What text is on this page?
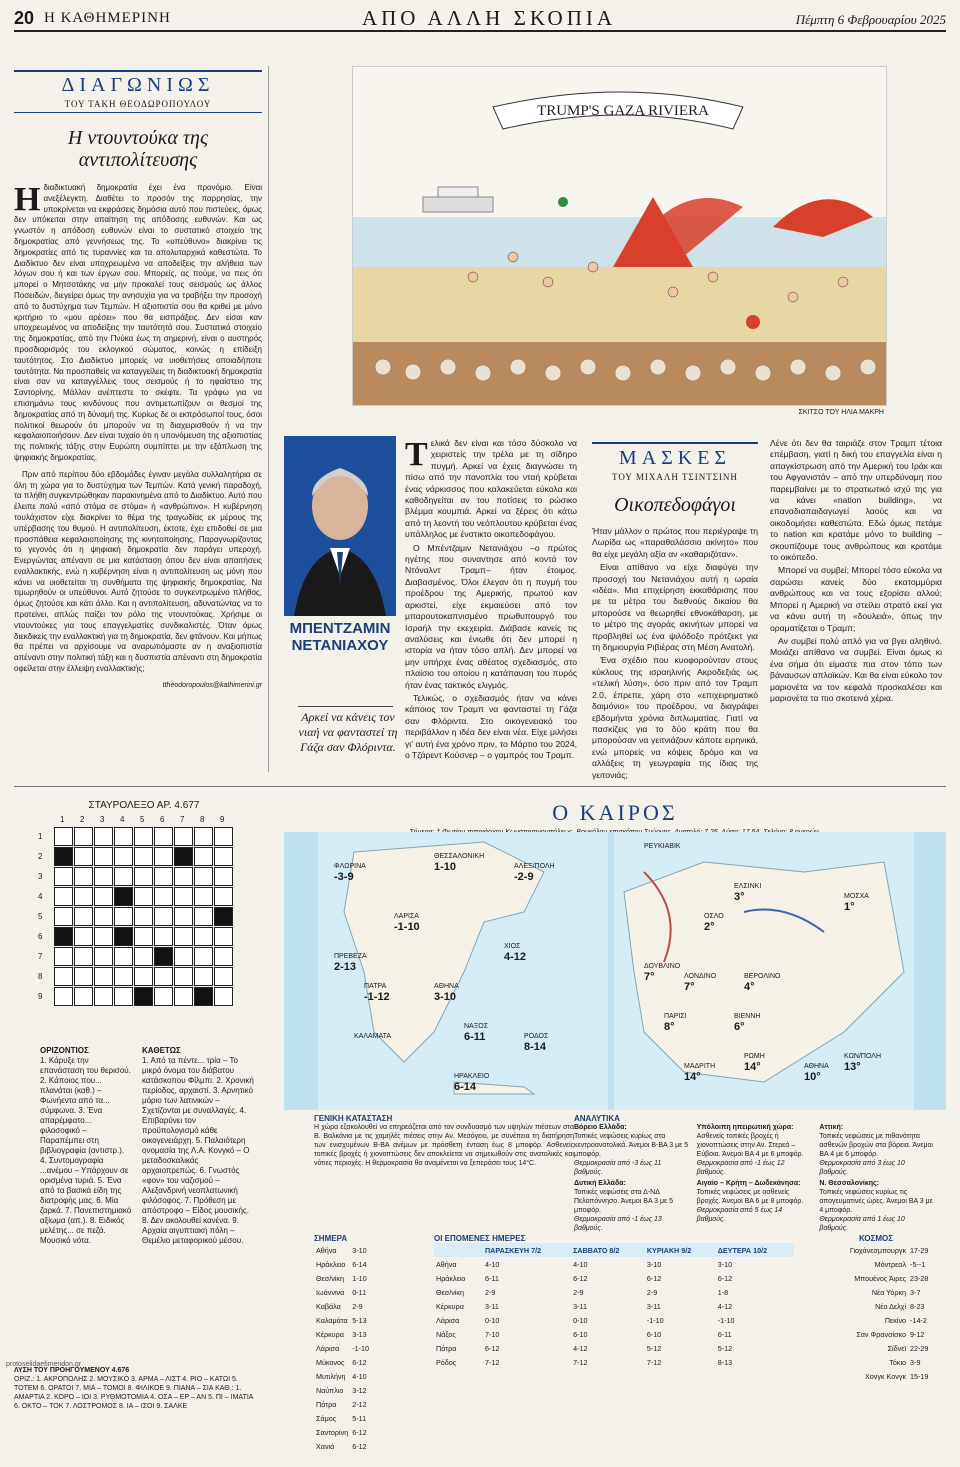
20 Η ΚΑΘΗΜΕΡΙΝΗ	ΑΠΟ ΑΛΛΗ ΣΚΟΠΙΑ	Πέμπτη 6 Φεβρουαρίου 2025
ΔΙΑΓΩΝΙΩΣ
ΤΟΥ ΤΑΚΗ ΘΕΟΔΩΡΟΠΟΥΛΟΥ
Η ντουντούκα της αντιπολίτευσης

Ηδιαδικτυακή δημοκρατία έχει ένα προνόμιο. Είναι ανεξέλεγκτη. Διαθέτει το προσόν της παρρησίας, την υποκρίνεται να εκφράσεις δημόσια αυτό που πιστεύεις, όμως δεν υπόκειται στην απαίτηση της απόδοσης ευθυνών. Και ως γνωστόν η απόδοση ευθυνών είναι το συστατικό στοιχείο της δημοκρατίας από γεννήσεως της. Το «υπεύθυνο» διακρίνει τις δημοκρατίες από τις τυραννίες και τα απολυταρχικά καθεστώτα. Το Διαδίκτυο δεν είναι υποχρεωμένο να αποδείξεις την αλήθεια των λόγων σου ή και των έργων σου. Μπορείς, ας πούμε, να πεις ότι μπορεί ο Μητσοτάκης να μην προκαλεί τους σεισμούς ως άλλος Ποσειδών, διεγείρει όμως την ανησυχία για να τραβήξει την προσοχή από το δυστύχημα των Τεμπών. Η αξιοπιστία σου θα κριθεί με μόνο κριτήριο το «μου αρέσει» που θα εισπράξεις. Δεν είσαι καν υποχρεωμένος να αποδείξεις την ταυτότητά σου. Συστατικό στοιχείο της δημοκρατίας, από την Πνύκα έως τη σημερινή, είναι ο αυστηρός προσδιορισμός του εκλογικού σώματος, κοινώς η επίδειξη ταυτότητος. Στο Διαδίκτυο μπορείς να υιοθετήσεις οποιαδήποτε ταυτότητα. Να προσπαθείς να καταγγείλεις τη διαδικτυακή δημοκρατία είναι σαν να καταγγέλλεις τους σεισμούς ή το ηφαίστειο της Σαντορίνης. Μάλλον ανέπτεστε το σκέφτε. Τα γράφω για να επισημάνω τους κινδύνους που αντιμετωπίζουν οι θεσμοί της δημοκρατίας από τη δύναμή της. Κυρίως δε οι εκπρόσωποί τους, όσοι πολιτικοί θεωρούν ότι μπορούν να τη διαχειρισθούν ή να την κεφαλαιοποιήσουν. Δεν είναι τυχαίο ότι η υπονόμευση της αξιοπιστίας της πολιτικής τάξης στην Ευρώπη συμπίπτει με την εξάπλωση της ψηφιακής δημοκρατίας.

Πριν από περίπου δύο εβδομάδες έγιναν μεγάλα συλλαλητήρια σε όλη τη χώρα για το δυστύχημα των Τεμπών. Κατά γενική παραδοχή, τα πλήθη συγκεντρώθηκαν παρακινημένα από το Διαδίκτυο. Αυτό που έλειπε πολύ «από στόμα σε στόμα» ή «ανθρώπινο». Η κυβέρνηση τουλάχιστον είχε διακρίνει το θέμα της τραγωδίας εκ μέρους της υπέρβασης του θυμού. Η αντιπολίτευση, έκτοτε, έχει επιδοθεί σε μια προσπάθεια κεφαλαιοποίησης της κινητοποίησης. Παραγνωρίζοντας το γεγονός ότι η ψηφιακή δημοκρατία δεν παράγει υπεροχή. Ενεργώντας απέναντι σε μια κατάσταση όπου δεν είναι απαιτήσεις εναλλακτικής, ενώ η κυβέρνηση είναι η αντιπολίτευση ως μόνη που κάνει να υιοθετείται τη συνθήματα της ψηφιακής δημοκρατίας. Να τιμωρηθούν οι υπεύθυνοι. Αυτό ζητούσε το συγκεντρωμένο πλήθος, όμως ζητούσε και κάτι άλλο. Και η αντιπολίτευση, αδυνατώντας να το προτείνει, απλώς παίζει τον ρόλο της ντουντούκας. Χρήσιμε οι ντουντούκες για τους επαγγελματίες συνδικαλιστές. Όταν όμως διεκδικείς την εναλλακτική για τη δημοκρατία, δεν φτάνουν. Και μήπως θα πρέπει να αρχίσουμε να αναρωτιόμαστε αν η αναξιοπιστία απέναντι στην πολιτική τάξη και η δυσπιστία απέναντι στη δημοκρατία οφείλεται στην έλλειψη εναλλακτικής;

ttheodoropoulos@kathimerini.gr
TRUMP'S GAZA RIVIERA
ΣΚΙΤΣΟ ΤΟΥ ΗΛΙΑ ΜΑΚΡΗ
ΜΠΕΝΤΖΑΜΙΝ ΝΕΤΑΝΙΑΧΟΥ
Αρκεί να κάνεις τον νιαή να φανταστεί τη Γάζα σαν Φλόριντα.

Τελικά δεν είναι και τόσο δύσκολο να χειριστείς την τρέλα με τη σίδηρο πυγμή. Αρκεί να έχεις διαγνώσει τη πίσω από την πανοπλία του νταή κρύβεται ένας νάρκισσος που καλακεύεται εύκολα και καθοδηγείται αν του ποτίσεις το ρώσικο βλέμμα κουμπιά. Αρκεί να ξέρεις ότι κάτω από τη λεοντή του νεόπλουτου κρύβεται ένας υπάλληλος με ένστικτο οικοπεδοφάγου.

Ο Μπέντζαμιν Νετανιάχου –ο πρώτος ηγέτης που συναντησε από κοντά τον Ντόναλντ Τραμπ– ήταν έτοιμος. Διαβασμένος. Όλοι έλεγαν ότι η πυγμή του προέδρου της Αμερικής, πρωτού καν αρκιστεί, είχε εκμαιεύσει από τον μπαρουτοκαπνισμένο πρωθυπουργό του Ισραήλ την εκεχειρία. Διάβασε κανείς τις αναλύσεις και ένιωθε ότι δεν μπορεί η ιστορία να ήταν τόσο απλή. Δεν μπορεί να μην υπήρχε ένας αθέατος σχεδιασμός, στο πλαίσιο του οποίου η κατάπαυση του πυρός ήταν ένας τακτικός ελιγμός.

Τελικώς, ο σχεδιασμός ήταν να κάνει κάποιος τον Τραμπ να φανταστεί τη Γάζα σαν Φλόριντα. Στο οικογενειακό του περιβάλλον η ιδέα δεν είναι νέα. Είχε μιλήσει γι' αυτή ένα χρόνο πριν, το Μάρτιο του 2024, ο Τζάρεντ Κούσνερ – ο γαμπρός του Τραμπ.

ΜΑΣΚΕΣ
ΤΟΥ ΜΙΧΑΛΗ ΤΣΙΝΤΣΙΝΗ
Οικοπεδοφάγοι

Ήταν μάλλον ο πρώτος που περιέγραψε τη Λωρίδα ως «παραθαλάσσιο ακίνητο» που θα είχε μεγάλη αξία αν «καθαριζόταν».

Είναι απίθανο να είχε διαφύγει την προσοχή του Νετανιάχου αυτή η ωραία «ιδέα». Μια επιχείρηση εκκαθάρισης που με τα μέτρα του διεθνούς δικαίου θα μπορούσε να θεωρηθεί εθνοκάθαρση, με το μέτρο της αγοράς ακινήτων μπορεί να προβληθεί ως ένα ψιλόδοξο πρότζεκτ για τη δημιουργία Ριβιέρας στη Μέση Ανατολή.

Ένα σχέδιο που κυοφορούνταν στους κύκλους της ισραηλινής Ακροδεξιάς ως «τελική λύση», όσο πριν από τον Τραμπ 2.0, έπρεπε, χάρη στο «επιχειρηματικό δαιμόνιο» του προέδρου, να διαγράψει εβδομήντα χρόνια διπλωματίας. Γιατί να πασκίζεις για το δύο κράτη που θα μπορούσαν να γειτνιάζουν κάποτε ειρηνικά, ενώ μπορείς να κόψεις δρόμο και να αλλάξεις τη γεωγραφία της ίδιας της γειτονιάς;

Λένε ότι δεν θα ταιριάζε στον Τραμπ τέτοια επέμβαση, γιατί η δική του επαγγελία είναι η απαγκίστρωση από την Αμερική του Ιράκ και του Αφγανιστάν – από την υπερδύναμη που παρεμβαίνει με το στρατιωτικό ισχύ της για να κάνει «nation building», να επαναδιαπαιδαγωγεί λαούς και να οικοδομήσει καθεστώτα. Εδώ όμως πετάμε το nation και κρατάμε μόνο το building – σκουπίζουμε τους ανθρώπους και κρατάμε το οικόπεδο.

Μπορεί να συμβεί; Μπορεί τόσο εύκολα να σαρώσει κανείς δύο εκατομμύρια ανθρώπους και να τους εξορίσει αλλού; Μπορεί η Αμερική να στείλει στρατό εκεί για να κάνει αυτή τη «δουλειά», όπως την οραματίζεται ο Τραμπ;

Αν συμβεί πολύ απλό για να βγει αληθινό. Μοιάζει απίθανο να συμβεί. Είναι όμως κι ένα σήμα ότι είμαστε πια στον τόπο των βάναυσων απλοϊκών. Και θα είναι εύκολο τον μαριονέτα να τον κεφαλά προσκαλέσει και μαριονέτα τα πιο σκοτεινά χέρια.

ΣΤΑΥΡΟΛΕΞΟ ΑΡ. 4.677
1
1
2
2
3
3
4
4
5
5
6
6
7
7
8
8
9
9
ΟΡΙΖΟΝΤΙΟΣ
1. Κάρυξε την επανάσταση του θερισού. 2. Κάποιος που... πλανάται (καθ.) – Φωνήεντα από τα... σύμφωνα. 3. Ένα απαρέμφατο... φιλοσοφικό – Παραπέμπει στη βιβλιογραφία (αντιστρ.). 4. Συντομογραφία ...ανέμου – Υπάρχουν σε ορισμένα τυριά. 5. Ένα από τα βασικά είδη της διατροφής μας. 6. Μία ζαρκά. 7. Πανεπιστημιακό αξίωμα (απ.). 8. Ειδικός μελέτης... σε πεζά. Μουσικό νότα.
ΚΑΘΕΤΩΣ
1. Από τα πέντε... τρία – Το μικρό όνομα του διάβατου κατάσκοπου Φίλμπι. 2. Χρονική περίοδος, αρχαιστί. 3. Αρνητικό μόριο των λατινικών – Σχετίζονται με συναλλαγές. 4. Επιβαρύνει τον προϋπολογισμό κάθε οικογενειάρχη. 5. Παλαιότερη ονομασία της Λ.Α. Κονγκό – Ο μεταδοσκαλικάς αρχαιοπρεπώς. 6. Γνωστός «φον» του ναζισμού – Αλεξανδρινή νεοπλατωνική φιλόσοφος. 7. Πρόθεση με απόστροφο – Είδος μουσικής. 8. Δεν ακολουθεί κανένα. 9. Αρχαία αιγυπτιακή πόλη – Θεμέλιο μεταφορικού μέσου.
ΛΥΣΗ ΤΟΥ ΠΡΟΗΓΟΥΜΕΝΟΥ 4.676
ΟΡΙΖ.: 1. ΑΚΡΟΠΟΛΗΣ 2. ΜΟΥΣΙΚΟ 3. ΑΡΜΑ – ΛΙΣΤ 4. ΡΙΟ – ΚΑΤΩΙ 5. ΤΟΤΕΜ 6. ΟΡΑΤΟΙ 7. ΜΙΑ – ΤΟΜΟΙ 8. ΦΙΛΙΚΟΕ 9. ΠΙΑΝΑ – ΣΙΑ ΚΑΘ.: 1. ΑΜΑΡΤΙΑ 2. ΚΟΡΟ – ΙΟΙ 3. ΡΥΘΜΟΤΟΜΙΑ 4. ΟΣΑ – ΕΡ – ΑΝ 5. ΠΙ – ΙΜΑΤΙΑ 6. ΟΚΤΟ – ΤΟΚ 7. ΛΟΣΤΡΟΜΟΣ 8. ΙΑ – ΙΣΟΙ 9. ΣΑΛΚΕ
protoselidaefimeridon.gr
Ο ΚΑΙΡΟΣ
ΦΛΩΡΙΝΑ
-3-9
ΘΕΣΣΑΛΟΝΙΚΗ
1-10	ΑΛΕΞ/ΠΟΛΗ
-2-9
ΛΑΡΙΣΑ
-1-10
ΠΡΕΒΕΖΑ
2-13
ΠΑΤΡΑ
-1-12
ΑΘΗΝΑ
3-10
ΚΑΛΑΜΑΤΑ
ΝΑΞΟΣ
6-11	ΡΟΔΟΣ
8-14
ΗΡΑΚΛΕΙΟ
6-14
ΧΙΟΣ
4-12
ΡΕΥΚΙΑΒΙΚ
ΕΛΣΙΝΚΙ
3°	ΜΟΣΧΑ
1°
ΟΣΛΟ
2°
ΔΟΥΒΛΙΝΟ
7°	ΛΟΝΔΙΝΟ
7°
ΒΕΡΟΛΙΝΟ
4°
ΠΑΡΙΣΙ
8°
ΒΙΕΝΝΗ
6°
ΜΑΔΡΙΤΗ
14°
ΡΩΜΗ
14°	ΑΘΗΝΑ
10°
ΚΩΝ/ΠΟΛΗ
13°
ΓΕΝΙΚΗ ΚΑΤΑΣΤΑΣΗ
Η χώρα εξακολουθεί να επηρεάζεται από τον συνδυασμό των υψηλών πιέσεων στα Β. Βαλκάνια με τις χαμηλές πιέσεις στην Αν. Μεσόγειο, με συνέπεια τη διατήρηση των ενισχυμένων Β-ΒΑ ανέμων με πρόσθετη ένταση έως 8 μποφόρ. Ασθενείς τοπικές βροχές ή χιονοπτώσεις δεν αποκλείεται να σημειωθούν στις ανατολικές και νότιες περιοχές. Η θερμοκρασία θα αναμένεται να ξεπεράσει τους 14°C.
ΑΝΑΛΥΤΙΚΑ
Βόρειο Ελλάδα:
Τοπικές νεφώσεις κυρίως στα κεντροανατολικά. Άνεμοι Β-ΒΑ 3 με 5 μποφόρ.
Θερμοκρασία από -3 έως 11 βαθμούς.
Υπόλοιπη ηπειρωτική χώρα:
Ασθενείς τοπικές βροχές ή χιονοπτώσεις στην Αν. Στερεά – Εύβοια. Άνεμοι ΒΑ 4 με 6 μποφόρ.
Θερμοκρασία από -1 έως 12 βαθμούς.
Αττική:
Τοπικές νεφώσεις με πιθανότητα ασθενών βροχών στα βόρεια. Άνεμοι ΒΑ 4 με 6 μποφόρ.
Θερμοκρασία από 3 έως 10 βαθμούς.
Δυτική Ελλάδα:
Τοπικές νεφώσεις στα Δ-ΝΔ Πελοπόννησο. Άνεμοι ΒΑ 3 με 5 μποφόρ.
Θερμοκρασία από -1 έως 13 βαθμούς.
Αιγαίο – Κρήτη – Δωδεκάνησα:
Τοπικές νεφώσεις με ασθενείς βροχές. Άνεμοι ΒΑ 6 με 8 μποφόρ.
Θερμοκρασία από 5 έως 14 βαθμούς.
Ν. Θεσσαλονίκης:
Τοπικές νεφώσεις κυρίως τις απογευματινές ώρες. Άνεμοι ΒΑ 3 με 4 μποφόρ.
Θερμοκρασία από 1 έως 10 βαθμούς.
ΣΗΜΕΡΑ
Αθήνα	3-10
Ηράκλειο	6-14
Θεσ/νίκη	1-10
Ιωάννινα	0-11
Καβάλα	2-9
Καλαμάτα	5-13
Κέρκυρα	3-13
Λάρισα	-1-10
Μύκονος	6-12
Μυτιλήνη	4-10
Ναύπλιο	3-12
Πάτρα	2-12
Σάμος	5-11
Σαντορίνη	6-12
Χανιά	6-12
ΟΙ ΕΠΟΜΕΝΕΣ ΗΜΕΡΕΣ
	ΠΑΡΑΣΚΕΥΗ 7/2	ΣΑΒΒΑΤΟ 8/2	ΚΥΡΙΑΚΗ 9/2	ΔΕΥΤΕΡΑ 10/2
Αθήνα	4-10	4-10	3-10	3-10
Ηράκλειο	6-11	6-12	6-12	6-12
Θεσ/νίκη	2-9	2-9	2-9	1-8
Κέρκυρα	3-11	3-11	3-11	4-12
Λάρισα	0-10	0-10	-1-10	-1-10
Νάξος	7-10	6-10	6-10	6-11
Πάτρα	6-12	4-12	5-12	5-12
Ρόδος	7-12	7-12	7-12	8-13
ΚΟΣΜΟΣ
Γιοχάνεσμπουργκ	17-29
Μόντρεαλ	-5--1
Μπουένος Άιρες	23-28
Νέα Υόρκη	3-7
Νέο Δελχί	8-23
Πεκίνο	-14-2
Σαν Φρανσίσκο	9-12
Σίδνεϊ	22-29
Τόκιο	3-9
Χονγκ Κονγκ	15-19
